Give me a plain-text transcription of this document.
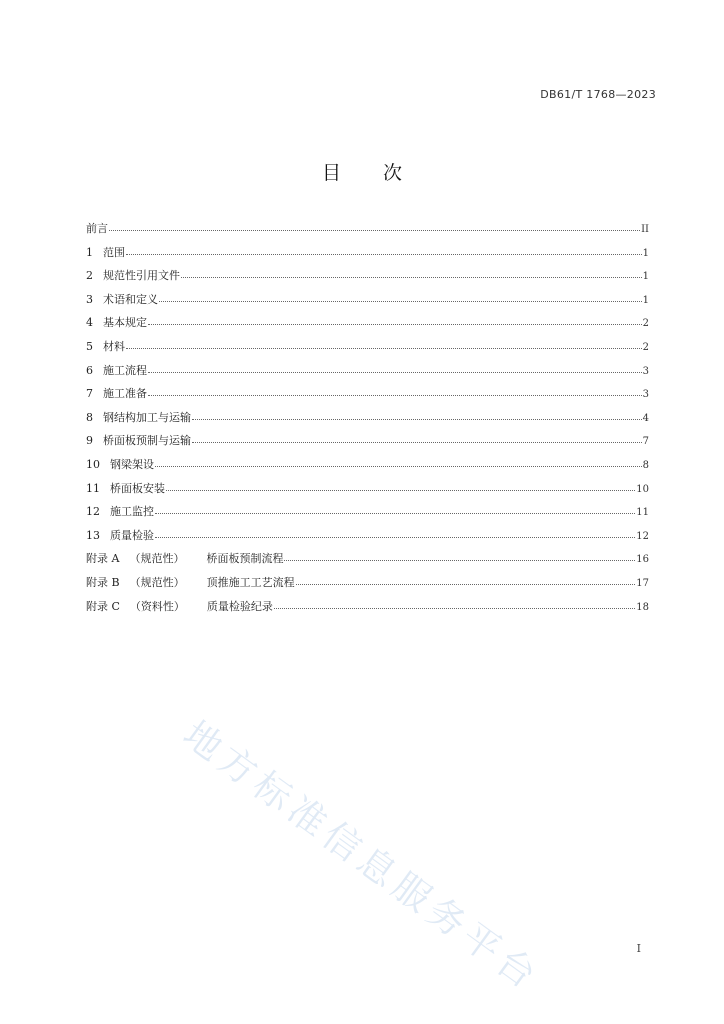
DB61/T 1768—2023
目 次
前言	II
1 范围	1
2 规范性引用文件	1
3 术语和定义	1
4 基本规定	2
5 材料	2
6 施工流程	3
7 施工准备	3
8 钢结构加工与运输	4
9 桥面板预制与运输	7
10 钢梁架设	8
11 桥面板安装	10
12 施工监控	11
13 质量检验	12
附录 A （规范性） 桥面板预制流程	16
附录 B （规范性） 顶推施工工艺流程	17
附录 C （资料性） 质量检验纪录	18
地方标准信息服务平台	I
